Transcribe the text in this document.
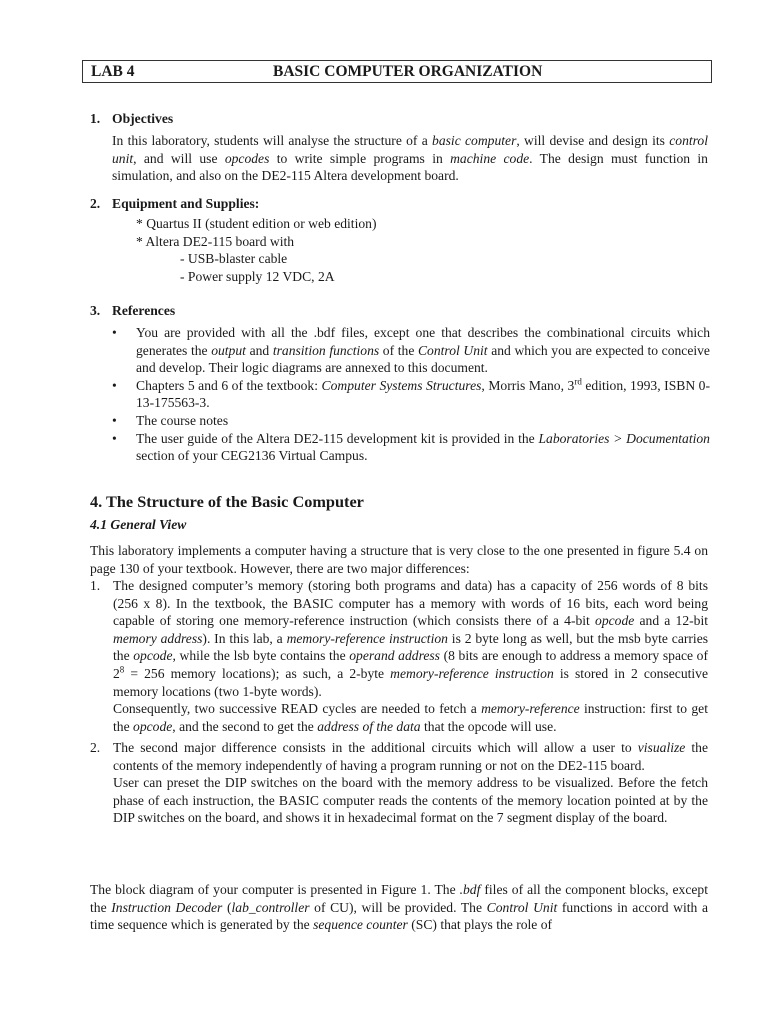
LAB 4	BASIC COMPUTER ORGANIZATION
1. Objectives
In this laboratory, students will analyse the structure of a basic computer, will devise and design its control unit, and will use opcodes to write simple programs in machine code. The design must function in simulation, and also on the DE2-115 Altera development board.
2. Equipment and Supplies:
* Quartus II (student edition or web edition)
* Altera DE2-115 board with
- USB-blaster cable
- Power supply 12 VDC, 2A
3. References
• You are provided with all the .bdf files, except one that describes the combinational circuits which generates the output and transition functions of the Control Unit and which you are expected to conceive and develop. Their logic diagrams are annexed to this document.
• Chapters 5 and 6 of the textbook: Computer Systems Structures, Morris Mano, 3rd edition, 1993, ISBN 0-13-175563-3.
• The course notes
• The user guide of the Altera DE2-115 development kit is provided in the Laboratories > Documentation section of your CEG2136 Virtual Campus.
4. The Structure of the Basic Computer
4.1 General View
This laboratory implements a computer having a structure that is very close to the one presented in figure 5.4 on page 130 of your textbook. However, there are two major differences:
1. The designed computer’s memory (storing both programs and data) has a capacity of 256 words of 8 bits (256 x 8). In the textbook, the BASIC computer has a memory with words of 16 bits, each word being capable of storing one memory-reference instruction (which consists there of a 4-bit opcode and a 12-bit memory address). In this lab, a memory-reference instruction is 2 byte long as well, but the msb byte carries the opcode, while the lsb byte contains the operand address (8 bits are enough to address a memory space of $2^8 = 256$ memory locations); as such, a 2-byte memory-reference instruction is stored in 2 consecutive memory locations (two 1-byte words).
Consequently, two successive READ cycles are needed to fetch a memory-reference instruction: first to get the opcode, and the second to get the address of the data that the opcode will use.
2. The second major difference consists in the additional circuits which will allow a user to visualize the contents of the memory independently of having a program running or not on the DE2-115 board.
User can preset the DIP switches on the board with the memory address to be visualized. Before the fetch phase of each instruction, the BASIC computer reads the contents of the memory location pointed at by the DIP switches on the board, and shows it in hexadecimal format on the 7 segment display of the board.
The block diagram of your computer is presented in Figure 1. The .bdf files of all the component blocks, except the Instruction Decoder (lab_controller of CU), will be provided. The Control Unit functions in accord with a time sequence which is generated by the sequence counter (SC) that plays the role of
